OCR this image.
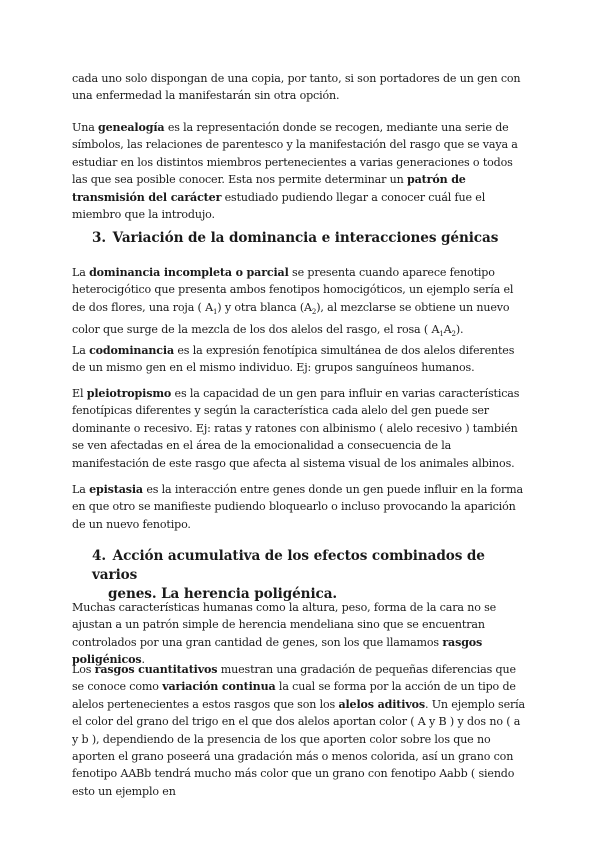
cada uno solo dispongan de una copia, por tanto, si son portadores de un gen con
una enfermedad la manifestarán sin otra opción.
Una genealogía es la representación donde se recogen, mediante una serie de símbolos, las relaciones de parentesco y la manifestación del rasgo que se vaya a estudiar en los distintos miembros pertenecientes a varias generaciones o todos las que sea posible conocer. Esta nos permite determinar un patrón de transmisión del carácter estudiado pudiendo llegar a conocer cuál fue el miembro que la introdujo.
3. Variación de la dominancia e interacciones génicas
La dominancia incompleta o parcial se presenta cuando aparece fenotipo heterocigótico que presenta ambos fenotipos homocigóticos, un ejemplo sería el de dos flores, una roja ( $A_1$) y otra blanca $(A_2)$, al mezclarse se obtiene un nuevo color que surge de la mezcla de los dos alelos del rasgo, el rosa ( $A_1A_2$).
La codominancia es la expresión fenotípica simultánea de dos alelos diferentes de un mismo gen en el mismo individuo. Ej: grupos sanguíneos humanos.
El pleiotropismo es la capacidad de un gen para influir en varias características fenotípicas diferentes y según la característica cada alelo del gen puede ser dominante o recesivo. Ej: ratas y ratones con albinismo ( alelo recesivo ) también se ven afectadas en el área de la emocionalidad a consecuencia de la manifestación de este rasgo que afecta al sistema visual de los animales albinos.
La epistasia es la interacción entre genes donde un gen puede influir en la forma en que otro se manifieste pudiendo bloquearlo o incluso provocando la aparición de un nuevo fenotipo.
4. Acción acumulativa de los efectos combinados de varios
genes. La herencia poligénica.
Muchas características humanas como la altura, peso, forma de la cara no se ajustan a un patrón simple de herencia mendeliana sino que se encuentran controlados por una gran cantidad de genes, son los que llamamos rasgos poligénicos.
Los rasgos cuantitativos muestran una gradación de pequeñas diferencias que se conoce como variación continua la cual se forma por la acción de un tipo de alelos pertenecientes a estos rasgos que son los alelos aditivos. Un ejemplo sería el color del grano del trigo en el que dos alelos aportan color ( A y B ) y dos no ( a y b ), dependiendo de la presencia de los que aporten color sobre los que no aporten el grano poseerá una gradación más o menos colorida, así un grano con fenotipo AABb tendrá mucho más color que un grano con fenotipo Aabb ( siendo esto un ejemplo en
